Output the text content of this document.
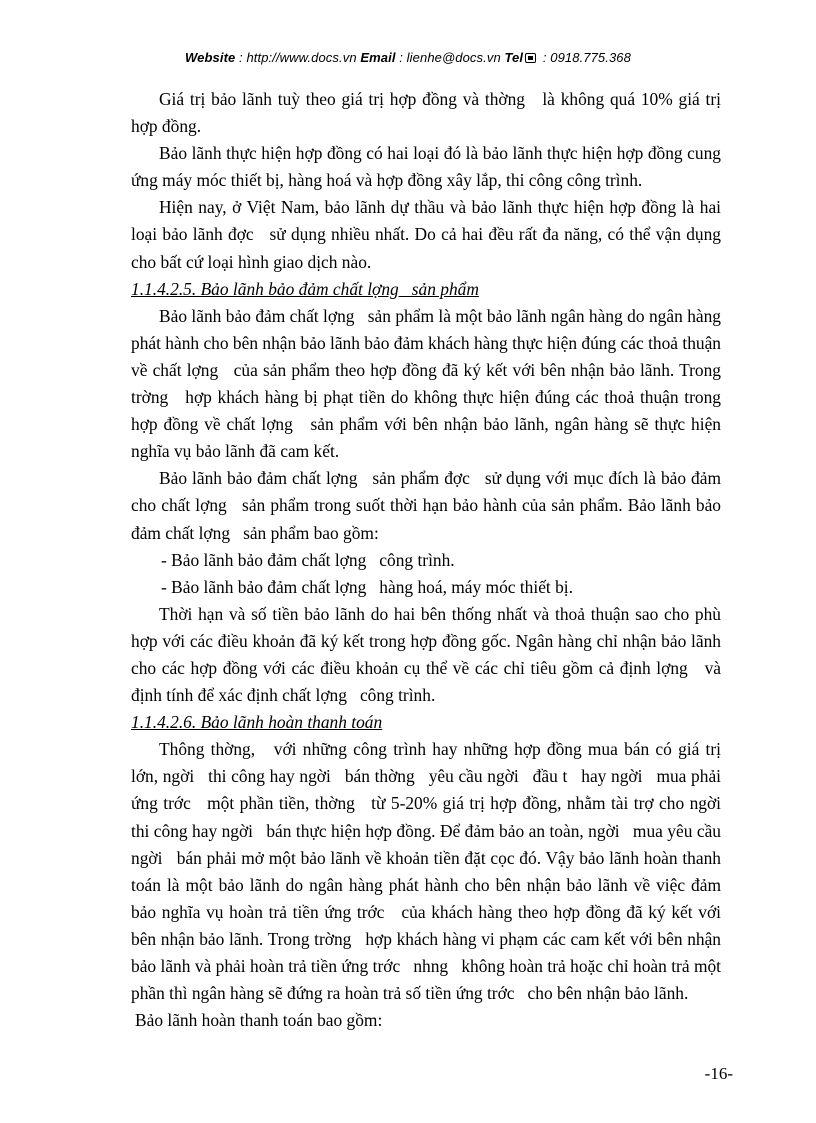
Website : http://www.docs.vn Email : lienhe@docs.vn Tel : 0918.775.368

Giá trị bảo lãnh tuỳ theo giá trị hợp đồng và thờng   là không quá 10% giá trị hợp đồng.

Bảo lãnh thực hiện hợp đồng có hai loại đó là bảo lãnh thực hiện hợp đồng cung ứng máy móc thiết bị, hàng hoá và hợp đồng xây lắp, thi công công trình.

Hiện nay, ở Việt Nam, bảo lãnh dự thầu và bảo lãnh thực hiện hợp đồng là hai loại bảo lãnh đợc   sử dụng nhiều nhất. Do cả hai đều rất đa năng, có thể vận dụng cho bất cứ loại hình giao dịch nào.

1.1.4.2.5. Bảo lãnh bảo đảm chất lợng   sản phẩm

Bảo lãnh bảo đảm chất lợng   sản phẩm là một bảo lãnh ngân hàng do ngân hàng phát hành cho bên nhận bảo lãnh bảo đảm khách hàng thực hiện đúng các thoả thuận về chất lợng   của sản phẩm theo hợp đồng đã ký kết với bên nhận bảo lãnh. Trong trờng   hợp khách hàng bị phạt tiền do không thực hiện đúng các thoả thuận trong hợp đồng về chất lợng   sản phẩm với bên nhận bảo lãnh, ngân hàng sẽ thực hiện nghĩa vụ bảo lãnh đã cam kết.

Bảo lãnh bảo đảm chất lợng   sản phẩm đợc   sử dụng với mục đích là bảo đảm cho chất lợng   sản phẩm trong suốt thời hạn bảo hành của sản phẩm. Bảo lãnh bảo đảm chất lợng   sản phẩm bao gồm:

- Bảo lãnh bảo đảm chất lợng   công trình.

- Bảo lãnh bảo đảm chất lợng   hàng hoá, máy móc thiết bị.

Thời hạn và số tiền bảo lãnh do hai bên thống nhất và thoả thuận sao cho phù hợp với các điều khoản đã ký kết trong hợp đồng gốc. Ngân hàng chỉ nhận bảo lãnh cho các hợp đồng với các điều khoản cụ thể về các chỉ tiêu gồm cả định lợng   và định tính để xác định chất lợng   công trình.

1.1.4.2.6. Bảo lãnh hoàn thanh toán

Thông thờng,   với những công trình hay những hợp đồng mua bán có giá trị lớn, ngời   thi công hay ngời   bán thờng   yêu cầu ngời   đầu t   hay ngời   mua phải ứng trớc   một phần tiền, thờng   từ 5-20% giá trị hợp đồng, nhằm tài trợ cho ngời   thi công hay ngời   bán thực hiện hợp đồng. Để đảm bảo an toàn, ngời   mua yêu cầu ngời   bán phải mở một bảo lãnh về khoản tiền đặt cọc đó. Vậy bảo lãnh hoàn thanh toán là một bảo lãnh do ngân hàng phát hành cho bên nhận bảo lãnh về việc đảm bảo nghĩa vụ hoàn trả tiền ứng trớc   của khách hàng theo hợp đồng đã ký kết với bên nhận bảo lãnh. Trong trờng   hợp khách hàng vi phạm các cam kết với bên nhận bảo lãnh và phải hoàn trả tiền ứng trớc   nhng   không hoàn trả hoặc chỉ hoàn trả một phần thì ngân hàng sẽ đứng ra hoàn trả số tiền ứng trớc   cho bên nhận bảo lãnh.

Bảo lãnh hoàn thanh toán bao gồm:

-16-
